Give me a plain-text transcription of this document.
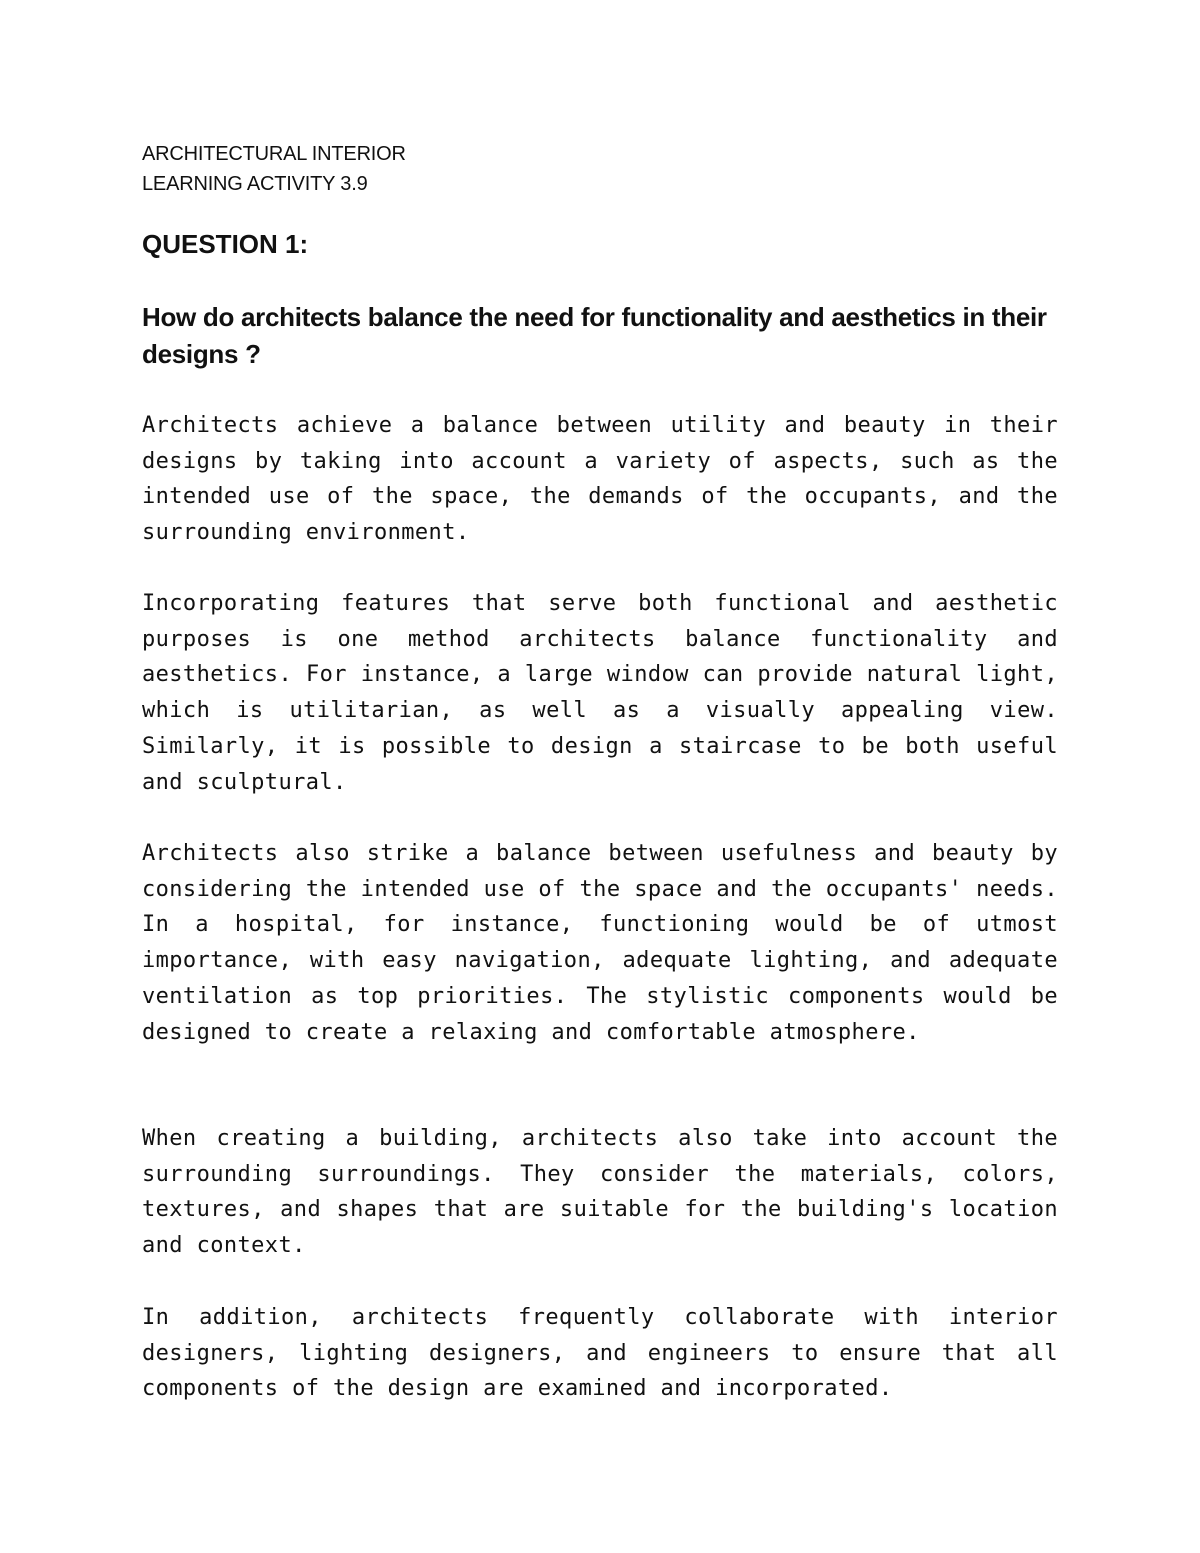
ARCHITECTURAL INTERIOR
LEARNING ACTIVITY 3.9
QUESTION 1:
How do architects balance the need for functionality and aesthetics in their designs ?

Architects achieve a balance between utility and beauty in their designs by taking into account a variety of aspects, such as the intended use of the space, the demands of the occupants, and the surrounding environment.

Incorporating features that serve both functional and aesthetic purposes is one method architects balance functionality and aesthetics. For instance, a large window can provide natural light, which is utilitarian, as well as a visually appealing view. Similarly, it is possible to design a staircase to be both useful and sculptural.

Architects also strike a balance between usefulness and beauty by considering the intended use of the space and the occupants' needs. In a hospital, for instance, functioning would be of utmost importance, with easy navigation, adequate lighting, and adequate ventilation as top priorities. The stylistic components would be designed to create a relaxing and comfortable atmosphere.

When creating a building, architects also take into account the surrounding surroundings. They consider the materials, colors, textures, and shapes that are suitable for the building's location and context.

In addition, architects frequently collaborate with interior designers, lighting designers, and engineers to ensure that all components of the design are examined and incorporated.
